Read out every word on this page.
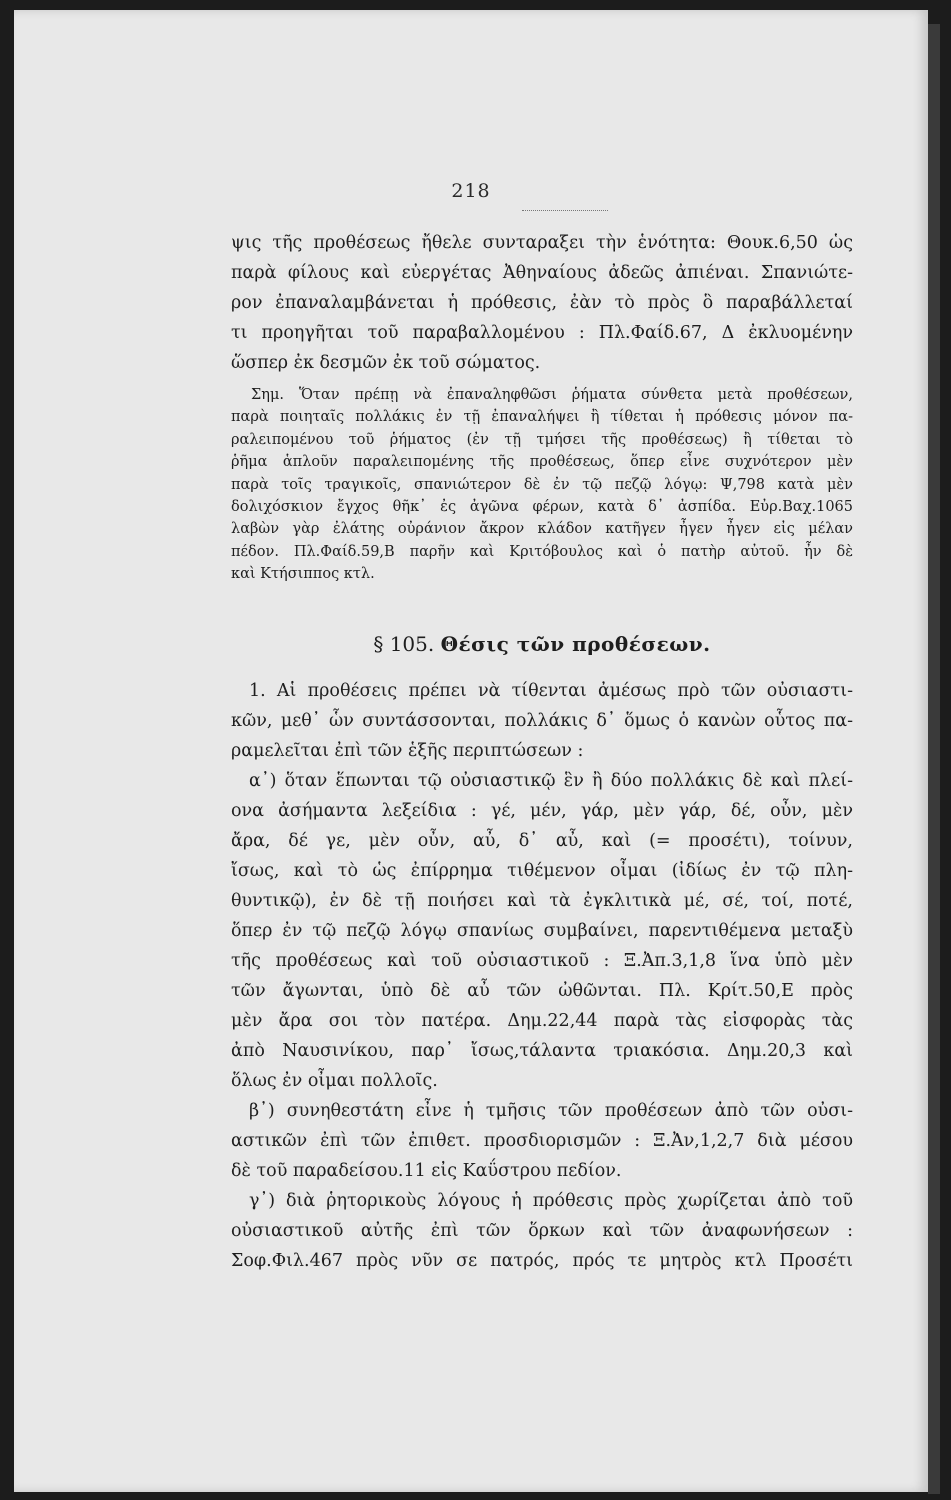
218
ψις τῆς προθέσεως ἤθελε συνταραξει τὴν ἑνότητα: Θουκ.6,50 ὡς
παρὰ φίλους καὶ εὐεργέτας Ἀθηναίους ἀδεῶς ἀπιέναι. Σπανιώτε-
ρον ἐπαναλαμβάνεται ἡ πρόθεσις, ἐὰν τὸ πρὸς ὃ παραβάλλεταί
τι προηγῆται τοῦ παραβαλλομένου : Πλ.Φαίδ.67, Δ ἐκλυομένην
ὥσπερ ἐκ δεσμῶν ἐκ τοῦ σώματος.
Σημ. Ὅταν πρέπῃ νὰ ἐπαναληφθῶσι ῥήματα σύνθετα μετὰ προθέσεων,
παρὰ ποιηταῖς πολλάκις ἐν τῇ ἐπαναλήψει ἢ τίθεται ἡ πρόθεσις μόνον πα-
ραλειπομένου τοῦ ῥήματος (ἐν τῇ τμήσει τῆς προθέσεως) ἢ τίθεται τὸ
ῥῆμα ἁπλοῦν παραλειπομένης τῆς προθέσεως, ὅπερ εἶνε συχνότερον μὲν
παρὰ τοῖς τραγικοῖς, σπανιώτερον δὲ ἐν τῷ πεζῷ λόγῳ: Ψ,798 κατὰ μὲν
δολιχόσκιον ἔγχος θῆκ᾽ ἐς ἀγῶνα φέρων, κατὰ δ᾽ ἀσπίδα. Εὐρ.Βαχ.1065
λαβὼν γὰρ ἐλάτης οὐράνιον ἄκρον κλάδον κατῆγεν ἦγεν ἦγεν εἰς μέλαν
πέδον. Πλ.Φαίδ.59,Β παρῆν καὶ Κριτόβουλος καὶ ὁ πατὴρ αὐτοῦ. ἦν δὲ
καὶ Κτήσιππος κτλ.
§ 105. Θέσις τῶν προθέσεων.
1. Αἱ προθέσεις πρέπει νὰ τίθενται ἀμέσως πρὸ τῶν οὐσιαστι-
κῶν, μεθ᾽ ὧν συντάσσονται, πολλάκις δ᾽ ὅμως ὁ κανὼν οὗτος πα-
ραμελεῖται ἐπὶ τῶν ἑξῆς περιπτώσεων :
α᾽) ὅταν ἕπωνται τῷ οὐσιαστικῷ ἓν ἢ δύο πολλάκις δὲ καὶ πλεί-
ονα ἀσήμαντα λεξείδια : γέ, μέν, γάρ, μὲν γάρ, δέ, οὖν, μὲν
ἄρα, δέ γε, μὲν οὖν, αὖ, δ᾽ αὖ, καὶ (= προσέτι), τοίνυν,
ἴσως, καὶ τὸ ὡς ἐπίρρημα τιθέμενον οἶμαι (ἰδίως ἐν τῷ πλη-
θυντικῷ), ἐν δὲ τῇ ποιήσει καὶ τὰ ἐγκλιτικὰ μέ, σέ, τοί, ποτέ,
ὅπερ ἐν τῷ πεζῷ λόγῳ σπανίως συμβαίνει, παρεντιθέμενα μεταξὺ
τῆς προθέσεως καὶ τοῦ οὐσιαστικοῦ : Ξ.Ἀπ.3,1,8 ἵνα ὑπὸ μὲν
τῶν ἄγωνται, ὑπὸ δὲ αὖ τῶν ὠθῶνται. Πλ. Κρίτ.50,Ε πρὸς
μὲν ἄρα σοι τὸν πατέρα. Δημ.22,44 παρὰ τὰς εἰσφορὰς τὰς
ἀπὸ Ναυσινίκου, παρ᾽ ἴσως,τάλαντα τριακόσια. Δημ.20,3 καὶ
ὅλως ἐν οἶμαι πολλοῖς.
β᾽) συνηθεστάτη εἶνε ἡ τμῆσις τῶν προθέσεων ἀπὸ τῶν οὐσι-
αστικῶν ἐπὶ τῶν ἐπιθετ. προσδιορισμῶν : Ξ.Ἀν,1,2,7 διὰ μέσου
δὲ τοῦ παραδείσου.11 εἰς Καΰστρου πεδίον.
γ᾽) διὰ ῥητορικοὺς λόγους ἡ πρόθεσις πρὸς χωρίζεται ἀπὸ τοῦ
οὐσιαστικοῦ αὐτῆς ἐπὶ τῶν ὅρκων καὶ τῶν ἀναφωνήσεων :
Σοφ.Φιλ.467 πρὸς νῦν σε πατρός, πρός τε μητρὸς κτλ Προσέτι
